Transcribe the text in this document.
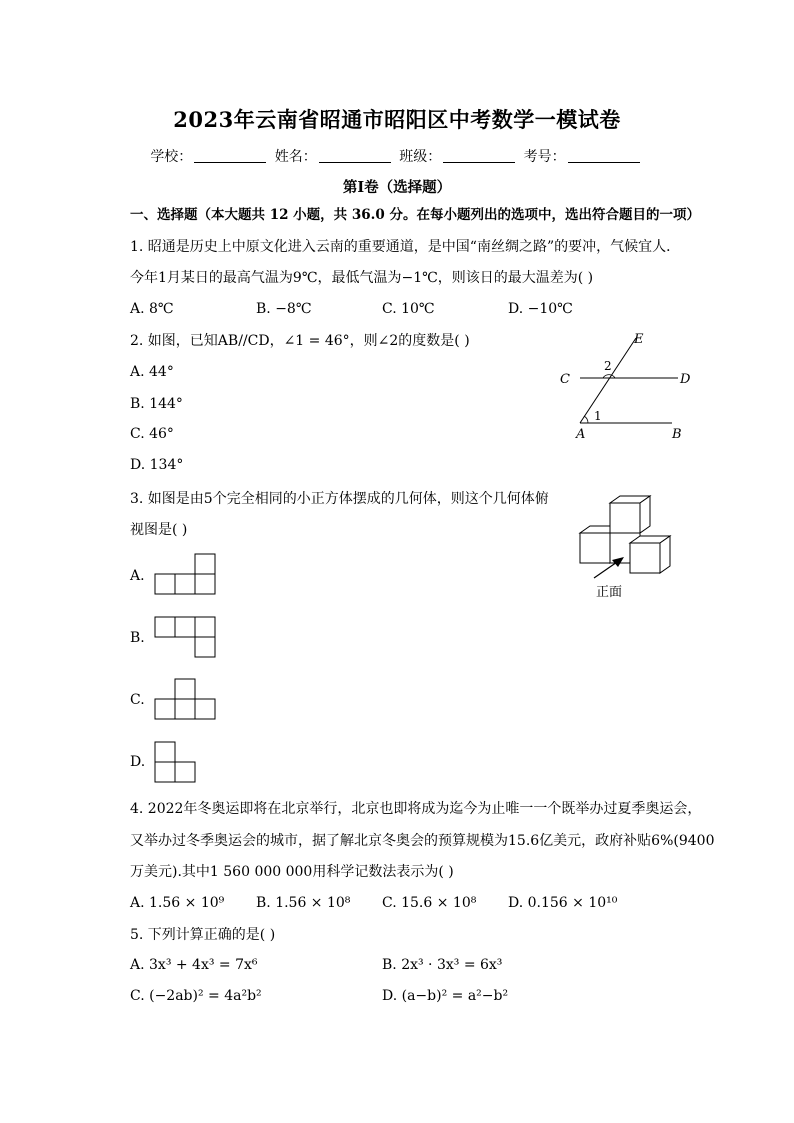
2023年云南省昭通市昭阳区中考数学一模试卷
学校：	姓名：	班级：	考号：
第Ⅰ卷（选择题）
一、选择题（本大题共 12 小题，共 36.0 分。在每小题列出的选项中，选出符合题目的一项）
1. 昭通是历史上中原文化进入云南的重要通道，是中国“南丝绸之路”的要冲，气候宜人．
今年1月某日的最高气温为9℃，最低气温为−1℃，则该日的最大温差为( )
A. 8℃	B. −8℃	C. 10℃	D. −10℃
2. 如图，已知AB//CD，∠1 = 46°，则∠2的度数是( )
A. 44°
B. 144°
C. 46°
D. 134°
E
C	D
A	B
1
2
3. 如图是由5个完全相同的小正方体摆成的几何体，则这个几何体俯
视图是( )
正面
A.
B.
C.
D.
4. 2022年冬奥运即将在北京举行，北京也即将成为迄今为止唯一一个既举办过夏季奥运会，
又举办过冬季奥运会的城市，据了解北京冬奥会的预算规模为15.6亿美元，政府补贴6%(9400
万美元).其中1 560 000 000用科学记数法表示为( )
A. 1.56 × 10⁹ B. 1.56 × 10⁸ C. 15.6 × 10⁸ D. 0.156 × 10¹⁰
5. 下列计算正确的是( )
A. 3x³ + 4x³ = 7x⁶	B. 2x³ · 3x³ = 6x³
C. (−2ab)² = 4a²b²	D. (a−b)² = a²−b²
